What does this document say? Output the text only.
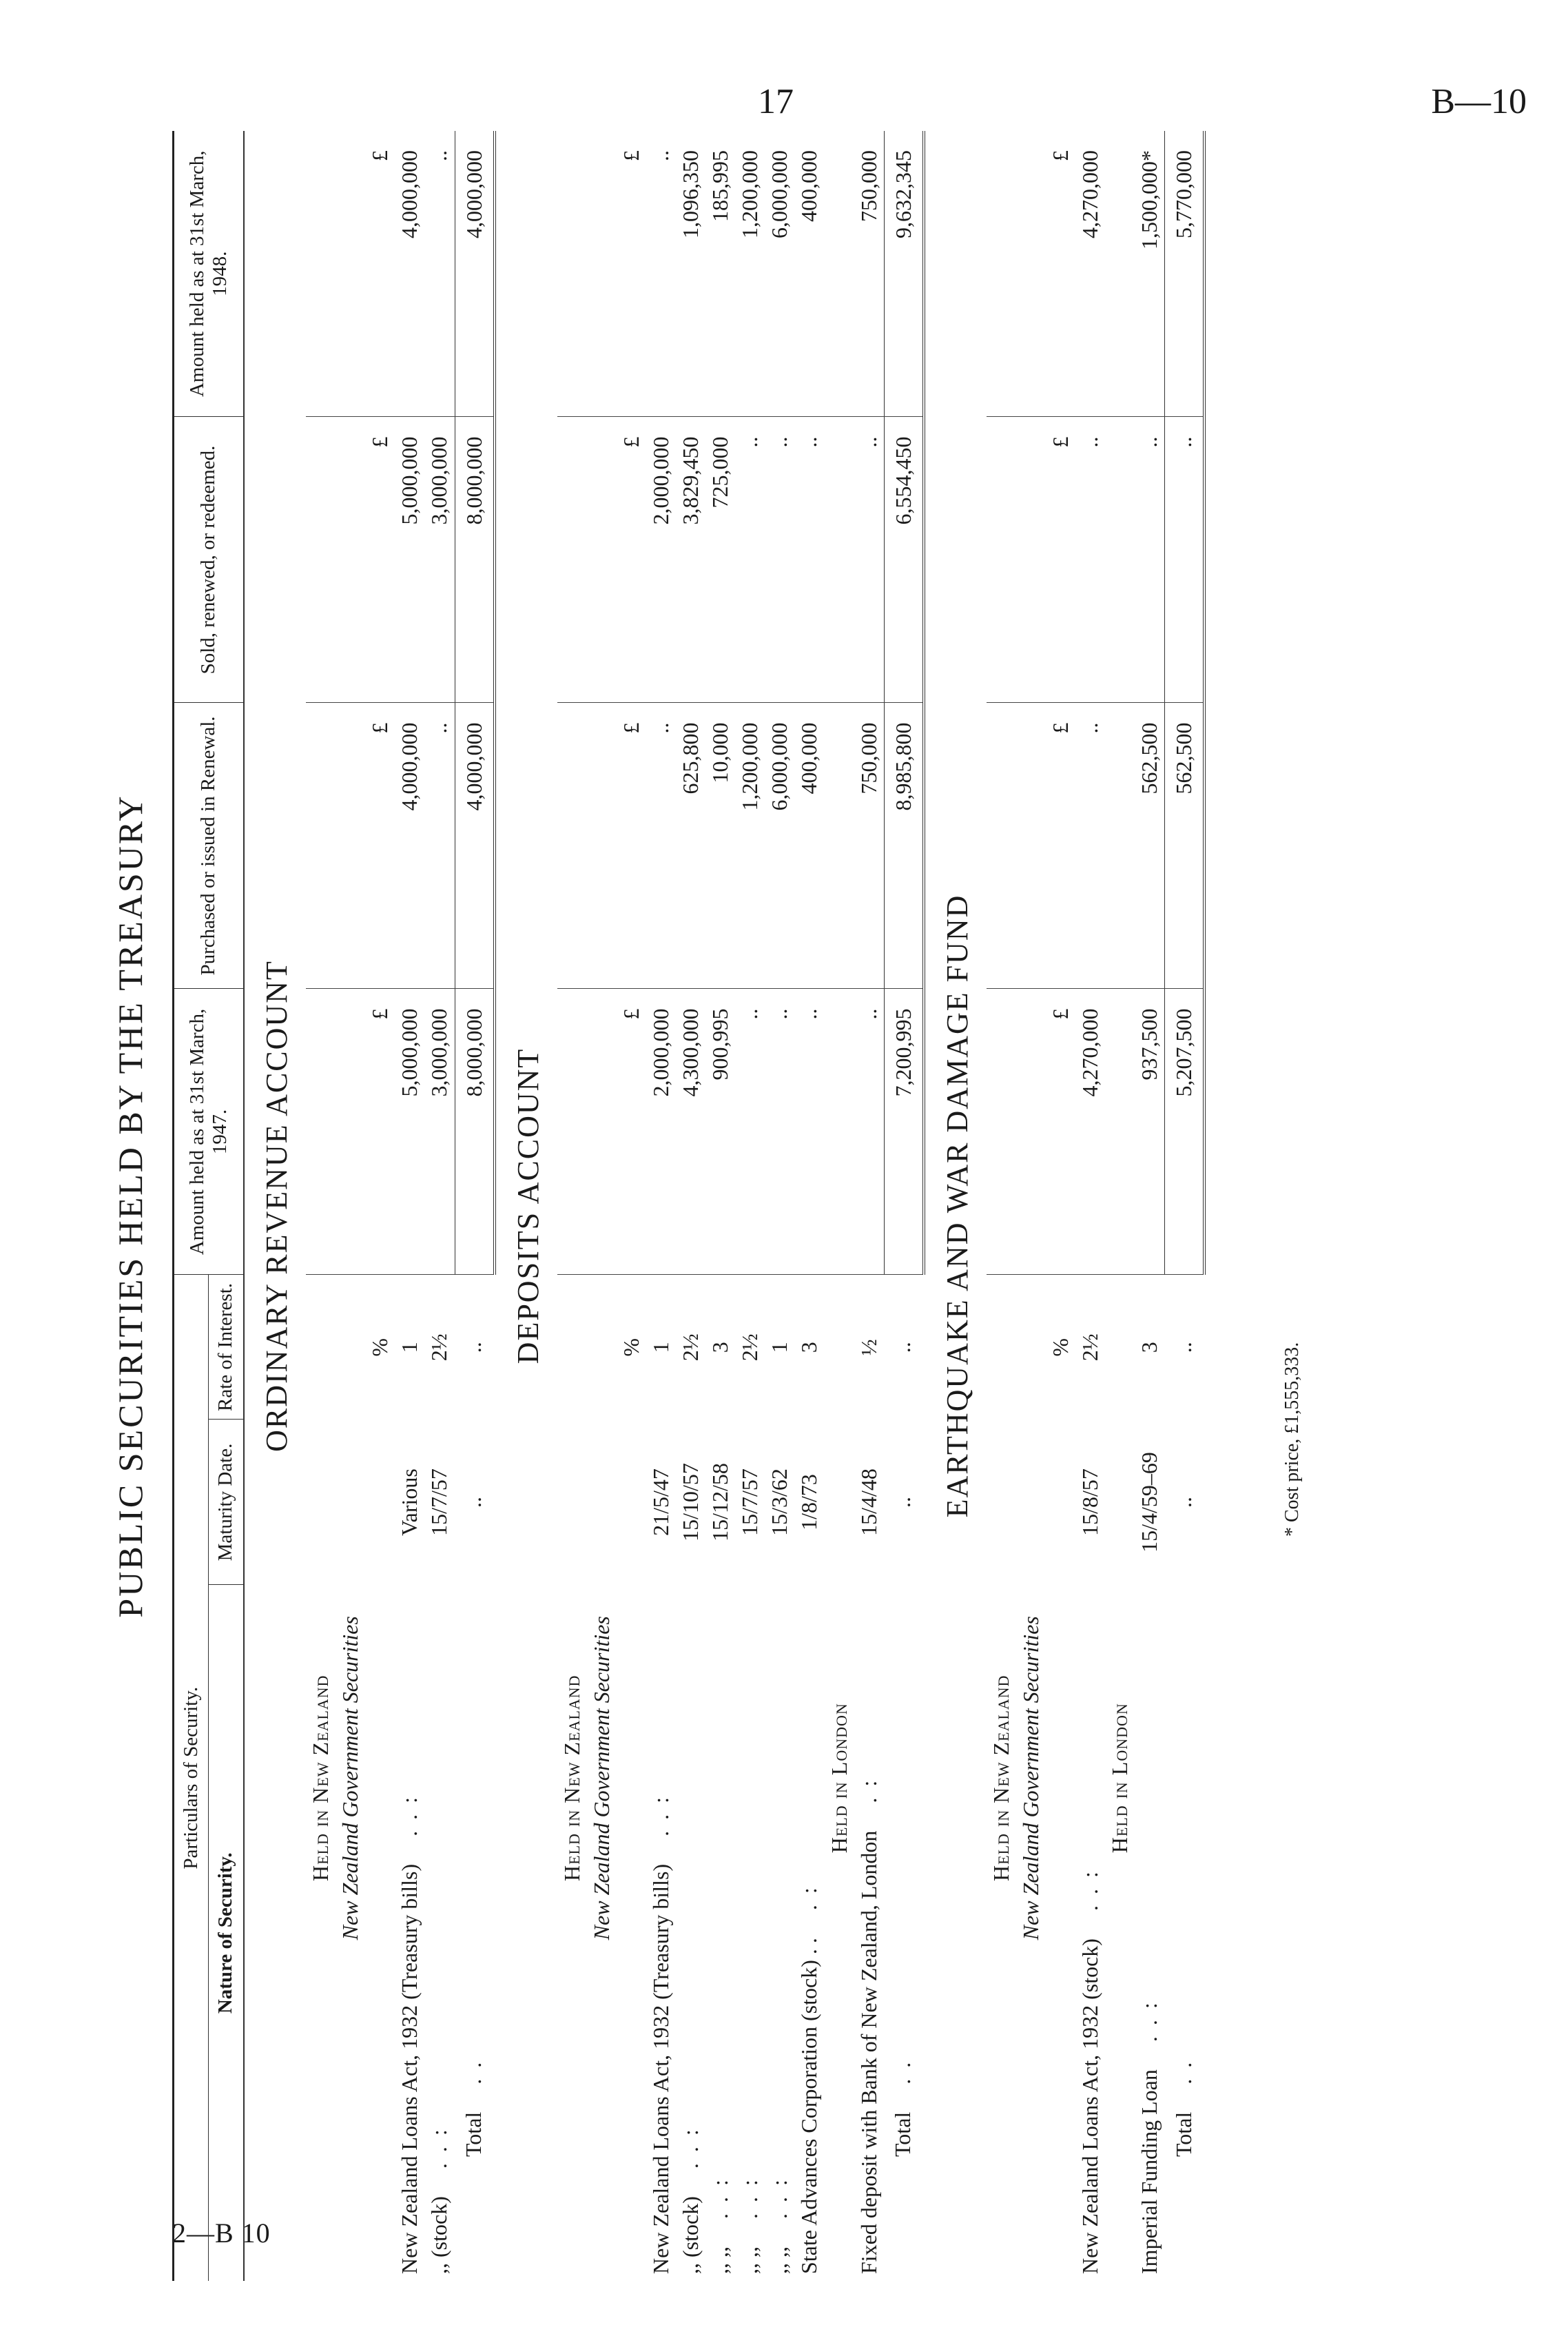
17	B—10
2—B 10
PUBLIC SECURITIES HELD BY THE TREASURY
Particulars of Security.			Amount held as at 31st March, 1947.	Purchased or issued in Renewal.	Sold, renewed, or redeemed.	Amount held as at 31st March, 1948.
Nature of Security.	Maturity Date.	Rate of Interest.				
ORDINARY REVENUE ACCOUNT						
Held in New Zealand						
New Zealand Government Securities						
		%	£	£	£	£
New Zealand Loans Act, 1932 (Treasury bills). . :	Various	1	5,000,000	4,000,000	5,000,000	4,000,000
,, (stock). . :	15/7/57	2½	3,000,000	..	3,000,000	..
Total. .	..	..	8,000,000	4,000,000	8,000,000	4,000,000
DEPOSITS ACCOUNT						
Held in New Zealand						
New Zealand Government Securities						
		%	£	£	£	£
New Zealand Loans Act, 1932 (Treasury bills). . :	21/5/47	1	2,000,000	..	2,000,000	..
,, (stock). . :	15/10/57	2½	4,300,000	625,800	3,829,450	1,096,350
,, ,,. . :	15/12/58	3	900,995	10,000	725,000	185,995
,, ,,. . :	15/7/57	2½	..	1,200,000	..	1,200,000
,, ,,. . :	15/3/62	1	..	6,000,000	..	6,000,000
State Advances Corporation (stock) . .. :	1/8/73	3	..	400,000	..	400,000
Held in London						
Fixed deposit with Bank of New Zealand, London. :	15/4/48	½	..	750,000	..	750,000
Total. .	..	..	7,200,995	8,985,800	6,554,450	9,632,345
EARTHQUAKE AND WAR DAMAGE FUND						
Held in New Zealand						
New Zealand Government Securities						
		%	£	£	£	£
New Zealand Loans Act, 1932 (stock). . :	15/8/57	2½	4,270,000	..	..	4,270,000
Held in London						
Imperial Funding Loan. . :	15/4/59–69	3	937,500	562,500	..	1,500,000*
Total. .	..	..	5,207,500	562,500	..	5,770,000
* Cost price, £1,555,333.
